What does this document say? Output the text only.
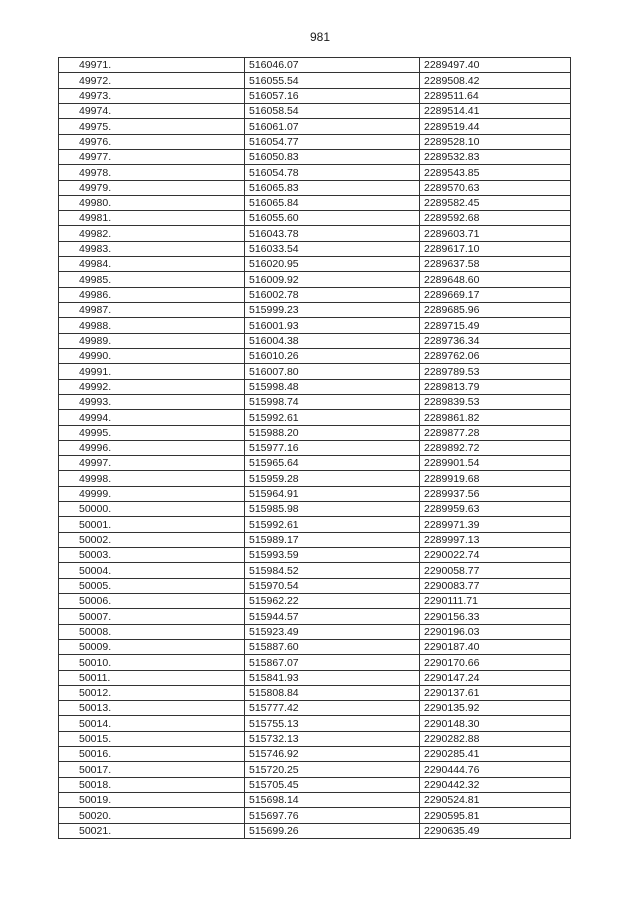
981
49971.	516046.07	2289497.40
49972.	516055.54	2289508.42
49973.	516057.16	2289511.64
49974.	516058.54	2289514.41
49975.	516061.07	2289519.44
49976.	516054.77	2289528.10
49977.	516050.83	2289532.83
49978.	516054.78	2289543.85
49979.	516065.83	2289570.63
49980.	516065.84	2289582.45
49981.	516055.60	2289592.68
49982.	516043.78	2289603.71
49983.	516033.54	2289617.10
49984.	516020.95	2289637.58
49985.	516009.92	2289648.60
49986.	516002.78	2289669.17
49987.	515999.23	2289685.96
49988.	516001.93	2289715.49
49989.	516004.38	2289736.34
49990.	516010.26	2289762.06
49991.	516007.80	2289789.53
49992.	515998.48	2289813.79
49993.	515998.74	2289839.53
49994.	515992.61	2289861.82
49995.	515988.20	2289877.28
49996.	515977.16	2289892.72
49997.	515965.64	2289901.54
49998.	515959.28	2289919.68
49999.	515964.91	2289937.56
50000.	515985.98	2289959.63
50001.	515992.61	2289971.39
50002.	515989.17	2289997.13
50003.	515993.59	2290022.74
50004.	515984.52	2290058.77
50005.	515970.54	2290083.77
50006.	515962.22	2290111.71
50007.	515944.57	2290156.33
50008.	515923.49	2290196.03
50009.	515887.60	2290187.40
50010.	515867.07	2290170.66
50011.	515841.93	2290147.24
50012.	515808.84	2290137.61
50013.	515777.42	2290135.92
50014.	515755.13	2290148.30
50015.	515732.13	2290282.88
50016.	515746.92	2290285.41
50017.	515720.25	2290444.76
50018.	515705.45	2290442.32
50019.	515698.14	2290524.81
50020.	515697.76	2290595.81
50021.	515699.26	2290635.49
